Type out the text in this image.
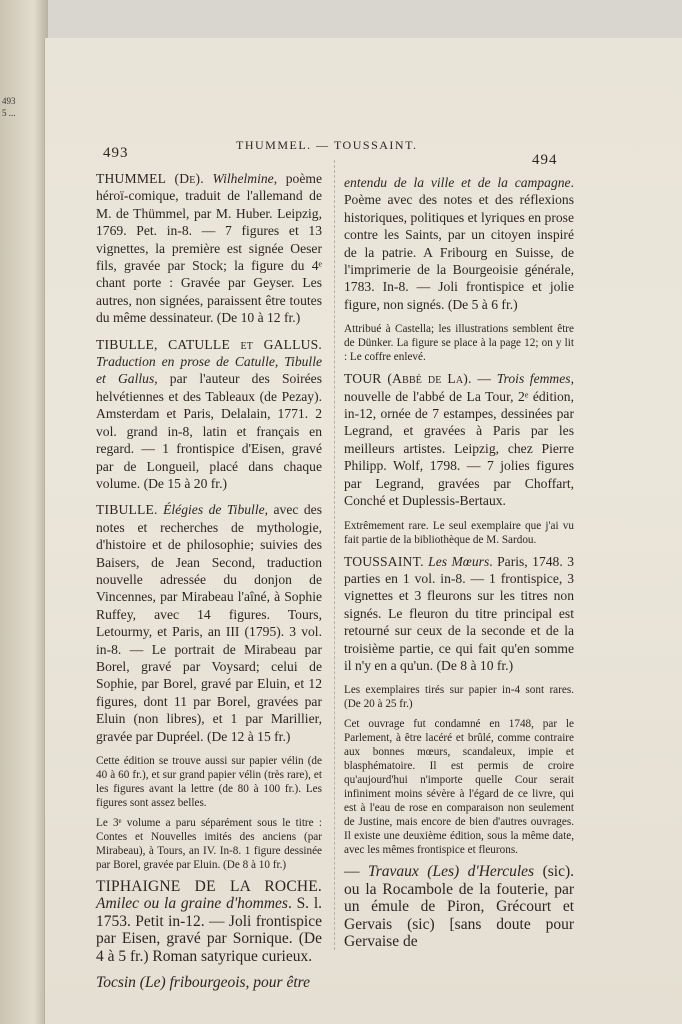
493 5 ...
493	THUMMEL. — TOUSSAINT.
494

THUMMEL (De). Wilhelmine, poème héroï-comique, traduit de l'allemand de M. de Thümmel, par M. Huber. Leipzig, 1769. Pet. in-8. — 7 figures et 13 vignettes, la première est signée Oeser fils, gravée par Stock; la figure du 4ᵉ chant porte : Gravée par Geyser. Les autres, non signées, paraissent être toutes du même dessinateur. (De 10 à 12 fr.)

TIBULLE, CATULLE et GALLUS. Traduction en prose de Catulle, Tibulle et Gallus, par l'auteur des Soirées helvétiennes et des Tableaux (de Pezay). Amsterdam et Paris, Delalain, 1771. 2 vol. grand in-8, latin et français en regard. — 1 frontispice d'Eisen, gravé par de Longueil, placé dans chaque volume. (De 15 à 20 fr.)

TIBULLE. Élégies de Tibulle, avec des notes et recherches de mythologie, d'histoire et de philosophie; suivies des Baisers, de Jean Second, traduction nouvelle adressée du donjon de Vincennes, par Mirabeau l'aîné, à Sophie Ruffey, avec 14 figures. Tours, Letourmy, et Paris, an III (1795). 3 vol. in-8. — Le portrait de Mirabeau par Borel, gravé par Voysard; celui de Sophie, par Borel, gravé par Eluin, et 12 figures, dont 11 par Borel, gravées par Eluin (non libres), et 1 par Marillier, gravée par Dupréel. (De 12 à 15 fr.)

Cette édition se trouve aussi sur papier vélin (de 40 à 60 fr.), et sur grand papier vélin (très rare), et les figures avant la lettre (de 80 à 100 fr.). Les figures sont assez belles.

Le 3ᵉ volume a paru séparément sous le titre : Contes et Nouvelles imités des anciens (par Mirabeau), à Tours, an IV. In-8. 1 figure dessinée par Borel, gravée par Eluin. (De 8 à 10 fr.)

TIPHAIGNE DE LA ROCHE. Amilec ou la graine d'hommes. S. l. 1753. Petit in-12. — Joli frontispice par Eisen, gravé par Sornique. (De 4 à 5 fr.) Roman satyrique curieux.

Tocsin (Le) fribourgeois, pour être

entendu de la ville et de la campagne. Poème avec des notes et des réflexions historiques, politiques et lyriques en prose contre les Saints, par un citoyen inspiré de la patrie. A Fribourg en Suisse, de l'imprimerie de la Bourgeoisie générale, 1783. In-8. — Joli frontispice et jolie figure, non signés. (De 5 à 6 fr.)

Attribué à Castella; les illustrations semblent être de Dünker. La figure se place à la page 12; on y lit : Le coffre enlevé.

TOUR (Abbé de La). — Trois femmes, nouvelle de l'abbé de La Tour, 2ᵉ édition, in-12, ornée de 7 estampes, dessinées par Legrand, et gravées à Paris par les meilleurs artistes. Leipzig, chez Pierre Philipp. Wolf, 1798. — 7 jolies figures par Legrand, gravées par Choffart, Conché et Duplessis-Bertaux.

Extrêmement rare. Le seul exemplaire que j'ai vu fait partie de la bibliothèque de M. Sardou.

TOUSSAINT. Les Mœurs. Paris, 1748. 3 parties en 1 vol. in-8. — 1 frontispice, 3 vignettes et 3 fleurons sur les titres non signés. Le fleuron du titre principal est retourné sur ceux de la seconde et de la troisième partie, ce qui fait qu'en somme il n'y en a qu'un. (De 8 à 10 fr.)

Les exemplaires tirés sur papier in-4 sont rares. (De 20 à 25 fr.)

Cet ouvrage fut condamné en 1748, par le Parlement, à être lacéré et brûlé, comme contraire aux bonnes mœurs, scandaleux, impie et blasphématoire. Il est permis de croire qu'aujourd'hui n'importe quelle Cour serait infiniment moins sévère à l'égard de ce livre, qui est à l'eau de rose en comparaison non seulement de Justine, mais encore de bien d'autres ouvrages. Il existe une deuxième édition, sous la même date, avec les mêmes frontispice et fleurons.

— Travaux (Les) d'Hercules (sic). ou la Rocambole de la fouterie, par un émule de Piron, Grécourt et Gervais (sic) [sans doute pour Gervaise de
